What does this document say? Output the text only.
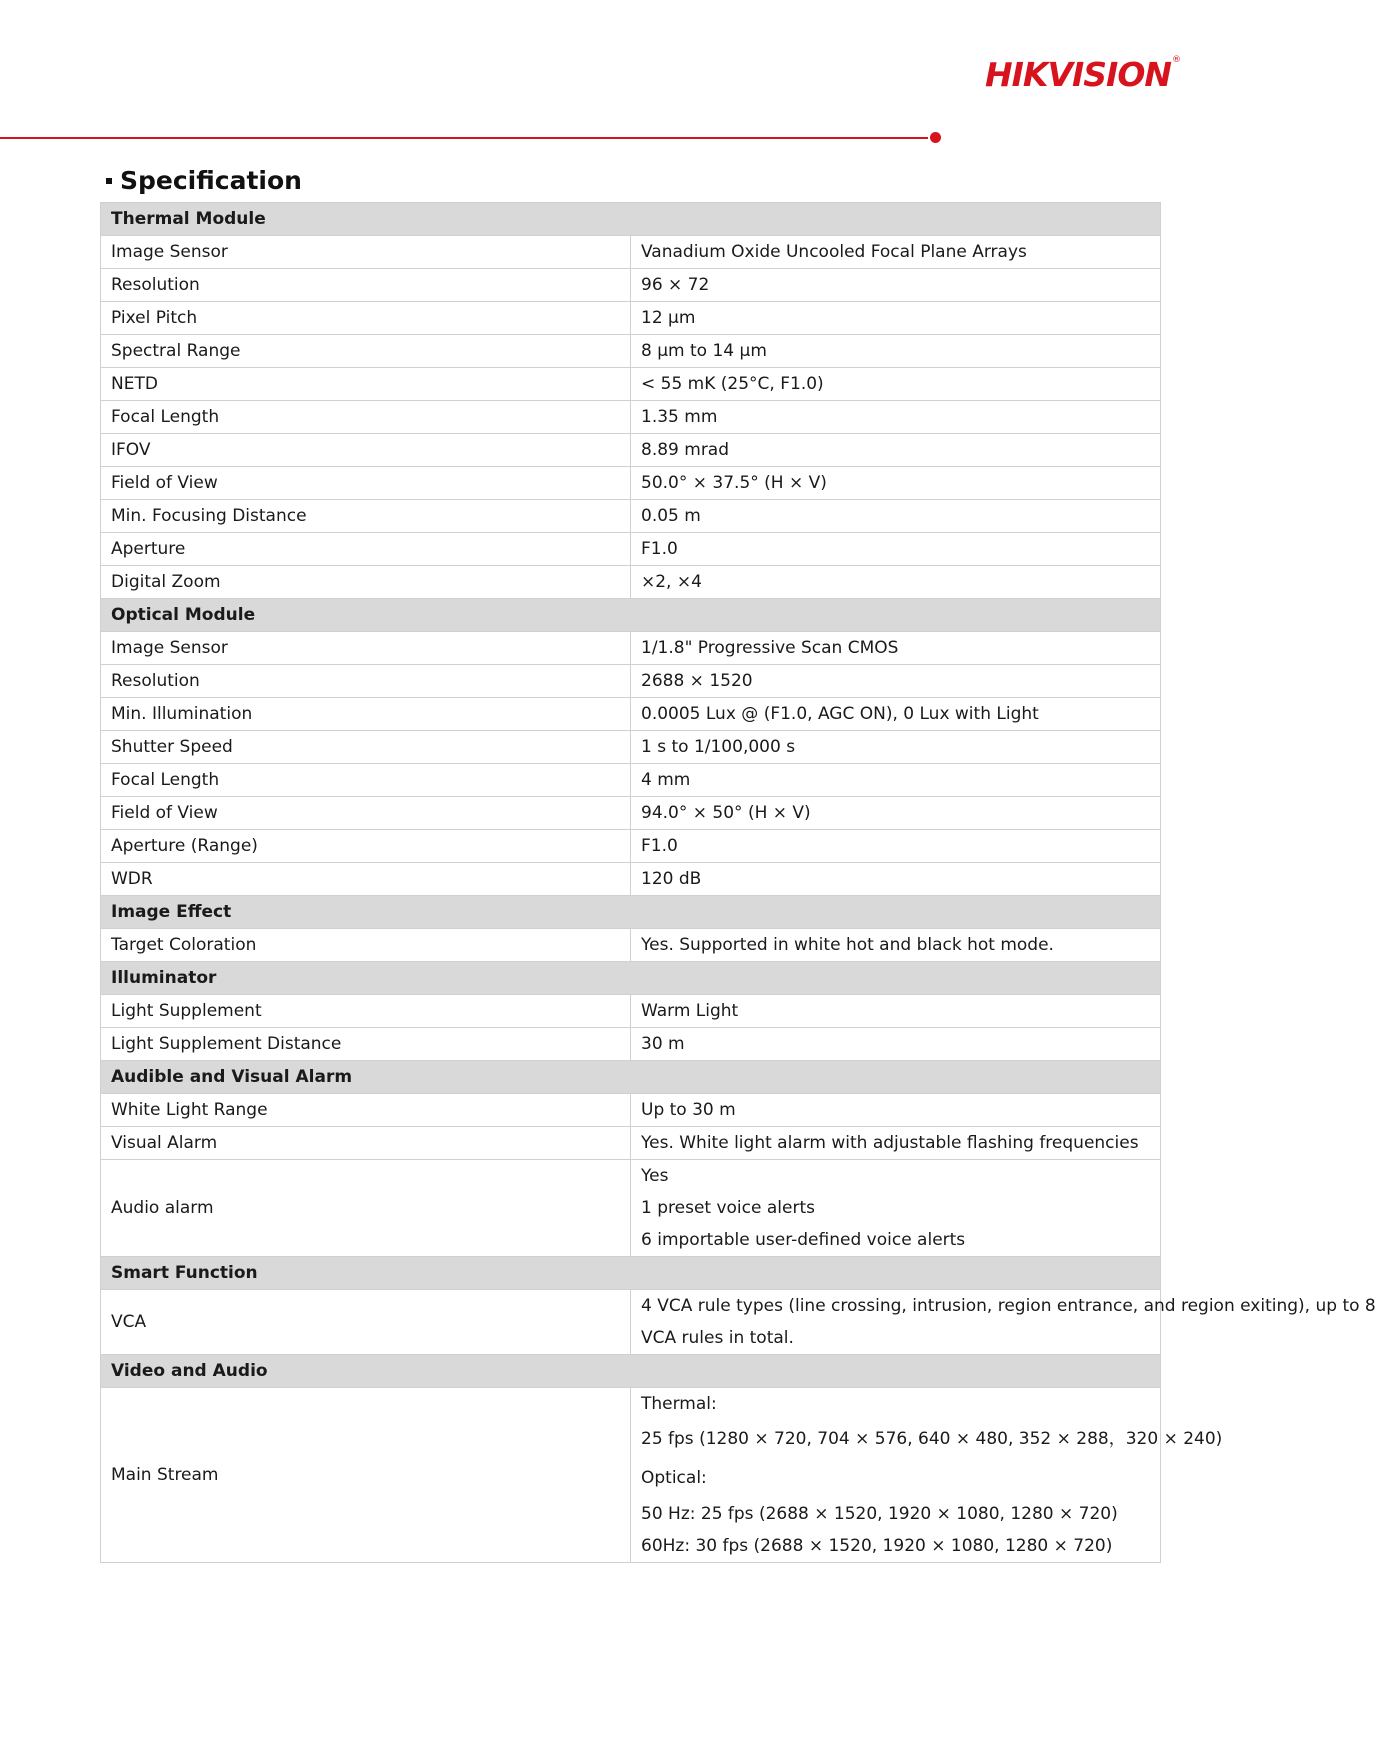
HIKVISION®
Specification
Thermal Module	
Image Sensor	Vanadium Oxide Uncooled Focal Plane Arrays
Resolution	96 × 72
Pixel Pitch	12 μm
Spectral Range	8 μm to 14 μm
NETD	< 55 mK (25°C, F1.0)
Focal Length	1.35 mm
IFOV	8.89 mrad
Field of View	50.0° × 37.5° (H × V)
Min. Focusing Distance	0.05 m
Aperture	F1.0
Digital Zoom	×2, ×4
Optical Module	
Image Sensor	1/1.8" Progressive Scan CMOS
Resolution	2688 × 1520
Min. Illumination	0.0005 Lux @ (F1.0, AGC ON), 0 Lux with Light
Shutter Speed	1 s to 1/100,000 s
Focal Length	4 mm
Field of View	94.0° × 50° (H × V)
Aperture (Range)	F1.0
WDR	120 dB
Image Effect	
Target Coloration	Yes. Supported in white hot and black hot mode.
Illuminator	
Light Supplement	Warm Light
Light Supplement Distance	30 m
Audible and Visual Alarm	
White Light Range	Up to 30 m
Visual Alarm	Yes. White light alarm with adjustable flashing frequencies
Audio alarm	Yes
1 preset voice alerts
6 importable user-defined voice alerts

Smart Function	
VCA	4 VCA rule types (line crossing, intrusion, region entrance, and region exiting), up to 8
VCA rules in total.

Video and Audio	
Main Stream	Thermal:
25 fps (1280 × 720, 704 × 576, 640 × 480, 352 × 288，320 × 240)
Optical:
50 Hz: 25 fps (2688 × 1520, 1920 × 1080, 1280 × 720)
60Hz: 30 fps (2688 × 1520, 1920 × 1080, 1280 × 720)
